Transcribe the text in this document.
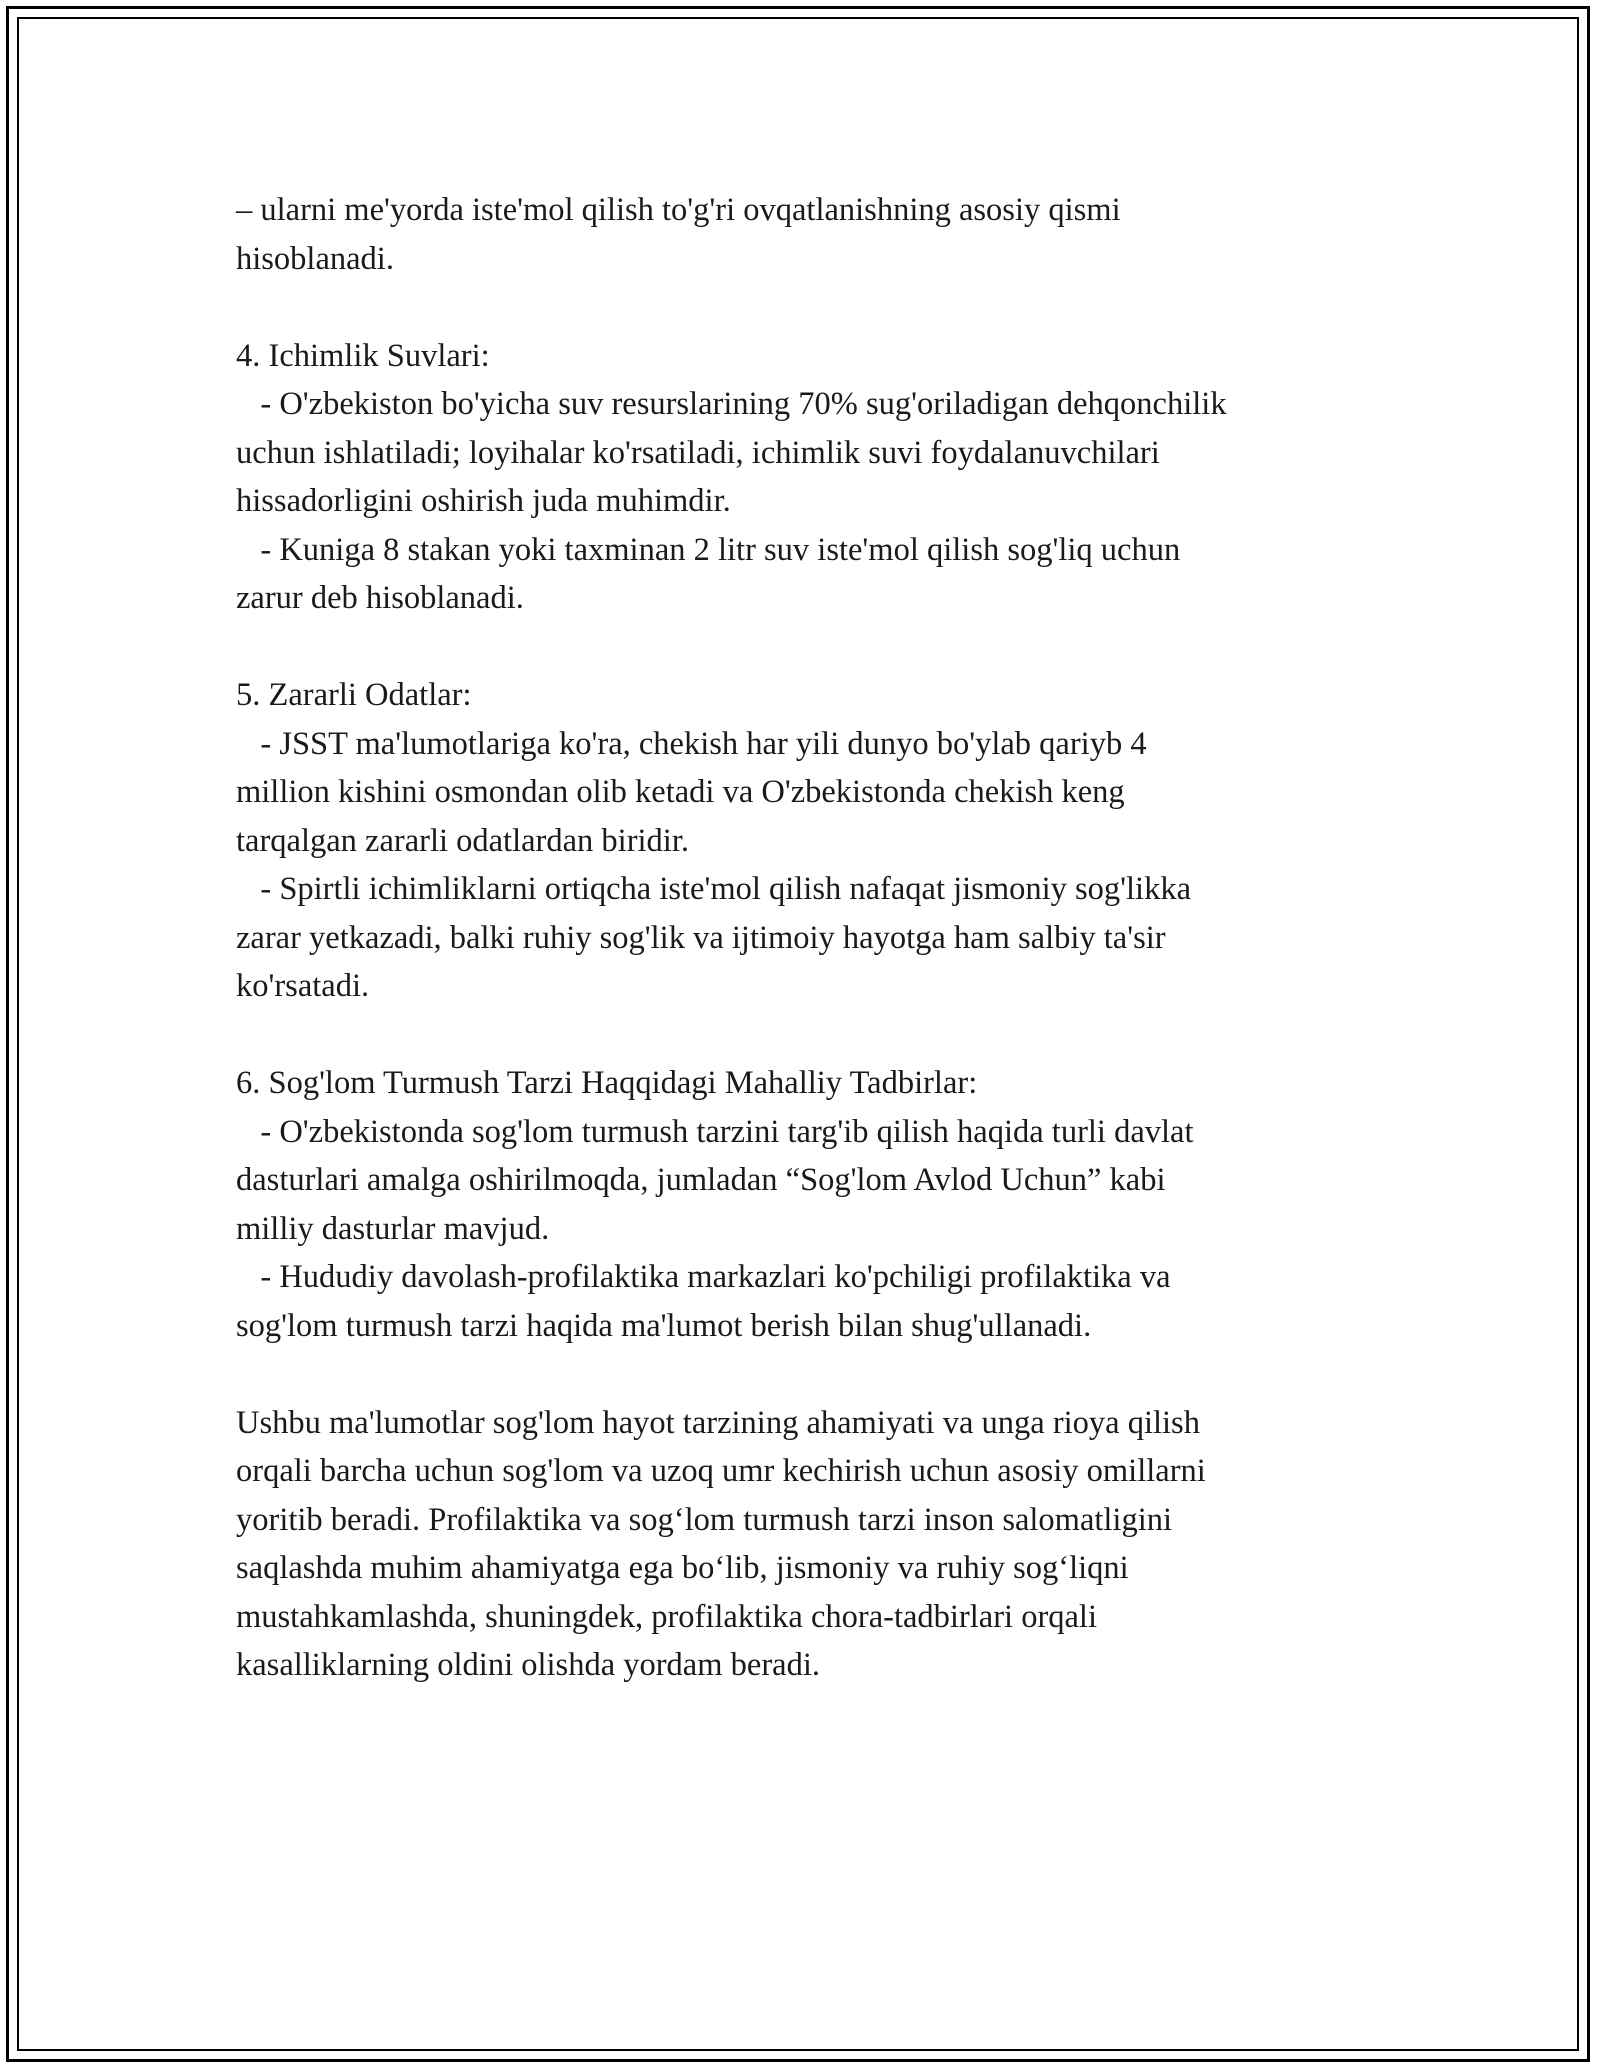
– ularni me'yorda iste'mol qilish to'g'ri ovqatlanishning asosiy qismi
hisoblanadi.
4. Ichimlik Suvlari:
- O'zbekiston bo'yicha suv resurslarining 70% sug'oriladigan dehqonchilik
uchun ishlatiladi; loyihalar ko'rsatiladi, ichimlik suvi foydalanuvchilari
hissadorligini oshirish juda muhimdir.
- Kuniga 8 stakan yoki taxminan 2 litr suv iste'mol qilish sog'liq uchun
zarur deb hisoblanadi.
5. Zararli Odatlar:
- JSST ma'lumotlariga ko'ra, chekish har yili dunyo bo'ylab qariyb 4
million kishini osmondan olib ketadi va O'zbekistonda chekish keng
tarqalgan zararli odatlardan biridir.
- Spirtli ichimliklarni ortiqcha iste'mol qilish nafaqat jismoniy sog'likka
zarar yetkazadi, balki ruhiy sog'lik va ijtimoiy hayotga ham salbiy ta'sir
ko'rsatadi.
6. Sog'lom Turmush Tarzi Haqqidagi Mahalliy Tadbirlar:
- O'zbekistonda sog'lom turmush tarzini targ'ib qilish haqida turli davlat
dasturlari amalga oshirilmoqda, jumladan “Sog'lom Avlod Uchun” kabi
milliy dasturlar mavjud.
- Hududiy davolash-profilaktika markazlari ko'pchiligi profilaktika va
sog'lom turmush tarzi haqida ma'lumot berish bilan shug'ullanadi.
Ushbu ma'lumotlar sog'lom hayot tarzining ahamiyati va unga rioya qilish
orqali barcha uchun sog'lom va uzoq umr kechirish uchun asosiy omillarni
yoritib beradi. Profilaktika va sog‘lom turmush tarzi inson salomatligini
saqlashda muhim ahamiyatga ega bo‘lib, jismoniy va ruhiy sog‘liqni
mustahkamlashda, shuningdek, profilaktika chora-tadbirlari orqali
kasalliklarning oldini olishda yordam beradi.
